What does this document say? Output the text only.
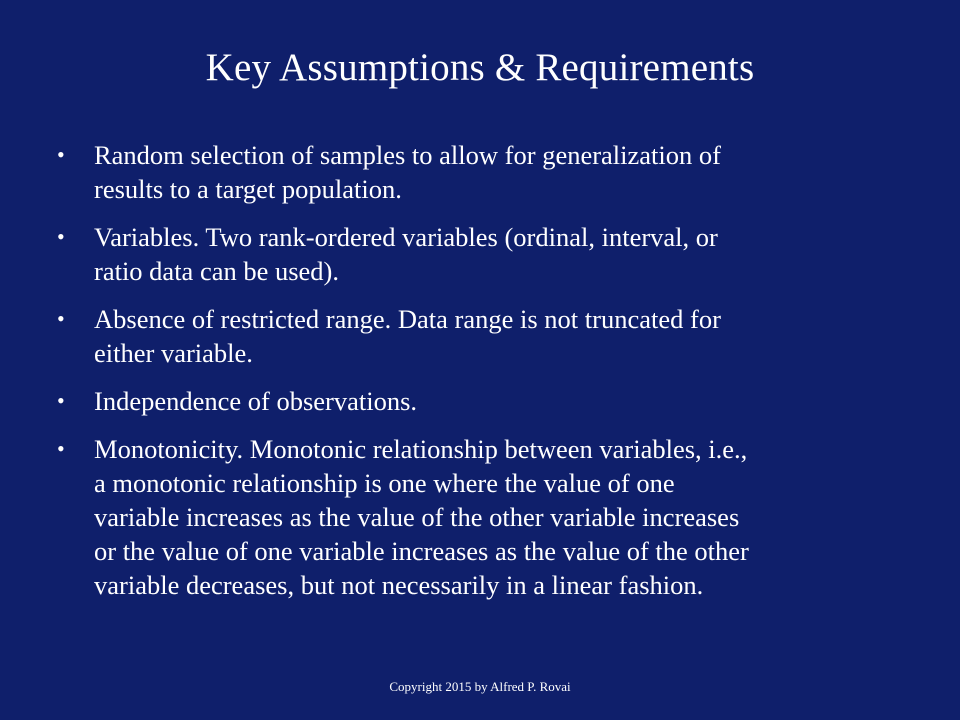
Key Assumptions & Requirements
• Random selection of samples to allow for generalization of
results to a target population.
• Variables. Two rank-ordered variables (ordinal, interval, or
ratio data can be used).
• Absence of restricted range. Data range is not truncated for
either variable.
• Independence of observations.
• Monotonicity. Monotonic relationship between variables, i.e.,
a monotonic relationship is one where the value of one
variable increases as the value of the other variable increases
or the value of one variable increases as the value of the other
variable decreases, but not necessarily in a linear fashion.
Copyright 2015 by Alfred P. Rovai
